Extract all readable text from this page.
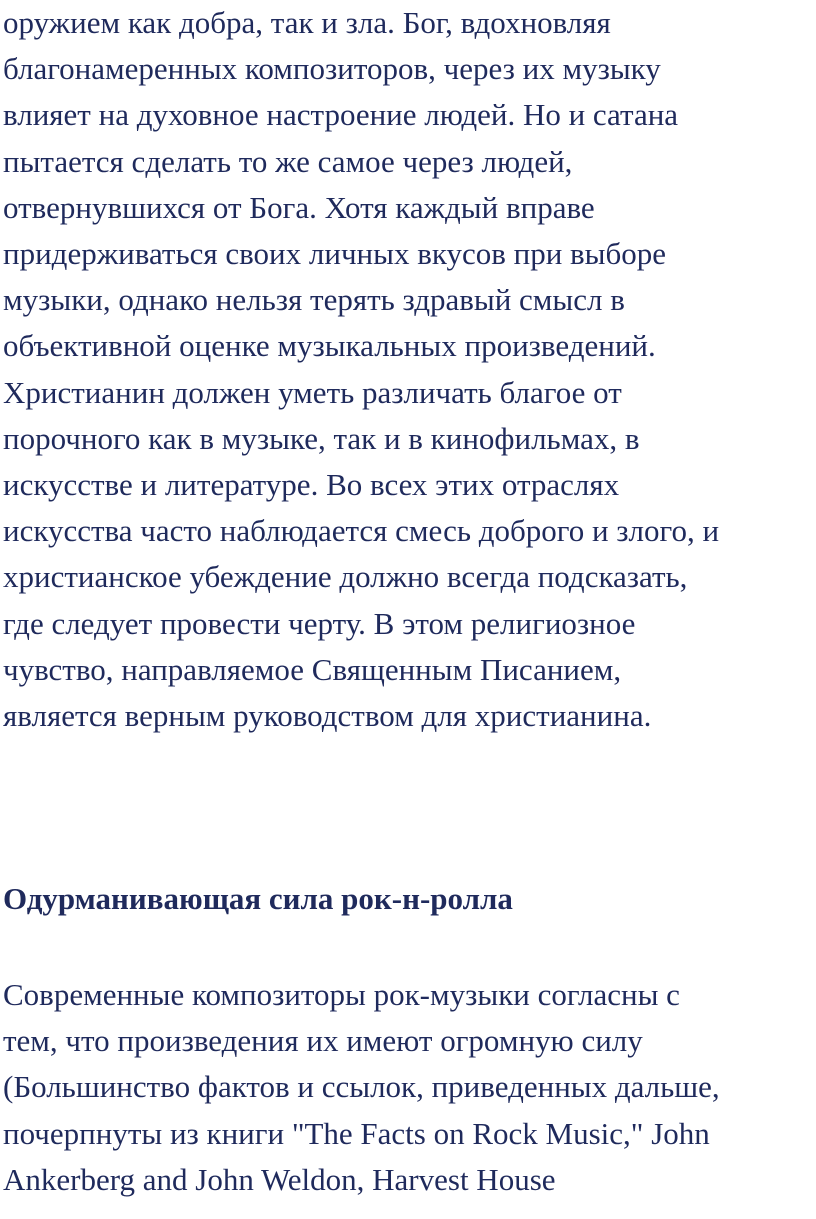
оружием как добра, так и зла. Бог, вдохновляя
благонамеренных композиторов, через их музыку
влияет на духовное настроение людей. Но и сатана
пытается сделать то же самое через людей,
отвернувшихся от Бога. Хотя каждый вправе
придерживаться своих личных вкусов при выборе
музыки, однако нельзя терять здравый смысл в
объективной оценке музыкальных произведений.
Христианин должен уметь различать благое от
порочного как в музыке, так и в кинофильмах, в
искусстве и литературе. Во всех этих отраслях
искусства часто наблюдается смесь доброго и злого, и
христианское убеждение должно всегда подсказать,
где следует провести черту. В этом религиозное
чувство, направляемое Священным Писанием,
является верным руководством для христианина.

Одурманивающая сила рок-н-ролла

Современные композиторы рок-музыки согласны с
тем, что произведения их имеют огромную силу
(Большинство фактов и ссылок, приведенных дальше,
почерпнуты из книги "The Facts on Rock Music," John
Ankerberg and John Weldon, Harvest House
